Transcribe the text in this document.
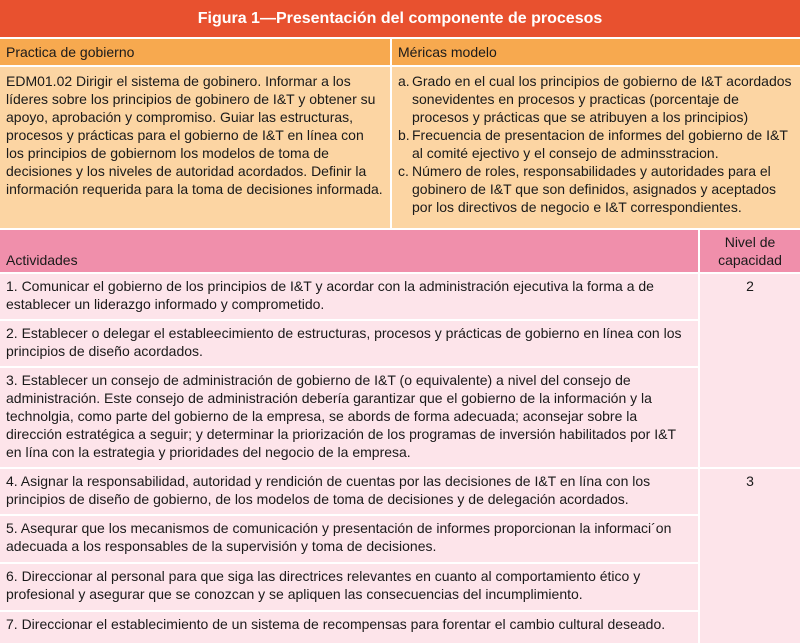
Figura 1—Presentación del componente de procesos
Practica de gobierno	Méricas modelo
EDM01.02 Dirigir el sistema de gobinero. Informar a los líderes sobre los principios de gobinero de I&T y obtener su apoyo, aprobación y compromiso. Guiar las estructuras, procesos y prácticas para el gobierno de I&T en línea con los principios de gobiernom los modelos de toma de decisiones y los niveles de autoridad acordados. Definir la información requerida para la toma de decisiones informada.
a. Grado en el cual los principios de gobierno de I&T acordados sonevidentes en procesos y practicas (porcentaje de procesos y prácticas que se atribuyen a los principios)
b. Frecuencia de presentacion de informes del gobierno de I&T al comité ejectivo y el consejo de adminsstracion.
c. Número de roles, responsabilidades y autoridades para el gobinero de I&T que son definidos, asignados y aceptados por los directivos de negocio e I&T correspondientes.
Actividades
Nivel de capacidad
1. Comunicar el gobierno de los principios de I&T y acordar con la administración ejecutiva la forma a de establecer un liderazgo informado y comprometido.
2. Establecer o delegar el estableecimiento de estructuras, procesos y prácticas de gobierno en línea con los principios de diseño acordados.
3. Establecer un consejo de administración de gobierno de I&T (o equivalente) a nivel del consejo de administración. Este consejo de administración debería garantizar que el gobierno de la información y la technolgia, como parte del gobierno de la empresa, se abords de forma adecuada; aconsejar sobre la dirección estratégica a seguir; y determinar la priorización de los programas de inversión habilitados por I&T en lína con la estrategia y prioridades del negocio de la empresa.
2
4. Asignar la responsabilidad, autoridad y rendición de cuentas por las decisiones de I&T en lína con los principios de diseño de gobierno, de los modelos de toma de decisiones y de delegación acordados.
5. Asequrar que los mecanismos de comunicación y presentación de informes proporcionan la informaci´on adecuada a los responsables de la supervisión y toma de decisiones.
6. Direccionar al personal para que siga las directrices relevantes en cuanto al comportamiento ético y profesional y asegurar que se conozcan y se apliquen las consecuencias del incumplimiento.
7. Direccionar el establecimiento de un sistema de recompensas para forentar el cambio cultural deseado.
3
